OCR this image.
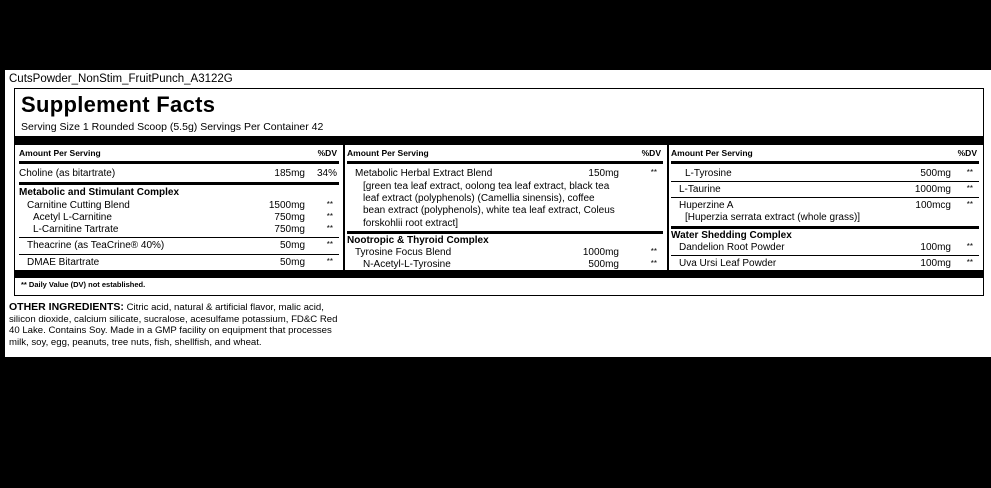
CutsPowder_NonStim_FruitPunch_A3122G
Supplement Facts
Serving Size 1 Rounded Scoop (5.5g) Servings Per Container 42
Amount Per Serving	%DV
Choline (as bitartrate)	185mg 34%
Metabolic and Stimulant Complex
Carnitine Cutting Blend	1500mg	**
Acetyl L-Carnitine	750mg	**
L-Carnitine Tartrate	750mg	**
Theacrine (as TeaCrine® 40%)	50mg	**
DMAE Bitartrate	50mg	**
Amount Per Serving	%DV
Metabolic Herbal Extract Blend	150mg	**
[green tea leaf extract, oolong tea leaf extract, black tea
leaf extract (polyphenols) (Camellia sinensis), coffee
bean extract (polyphenols), white tea leaf extract, Coleus
forskohlii root extract]
Nootropic & Thyroid Complex
Tyrosine Focus Blend	1000mg	**
N-Acetyl-L-Tyrosine	500mg	**
Amount Per Serving	%DV
L-Tyrosine	500mg **
L-Taurine	1000mg **
Huperzine A	100mcg **
[Huperzia serrata extract (whole grass)]
Water Shedding Complex
Dandelion Root Powder	100mg **
Uva Ursi Leaf Powder	100mg **
** Daily Value (DV) not established.
OTHER INGREDIENTS: Citric acid, natural & artificial flavor, malic acid, silicon dioxide, calcium silicate, sucralose, acesulfame potassium, FD&C Red 40 Lake. Contains Soy. Made in a GMP facility on equipment that processes milk, soy, egg, peanuts, tree nuts, fish, shellfish, and wheat.
